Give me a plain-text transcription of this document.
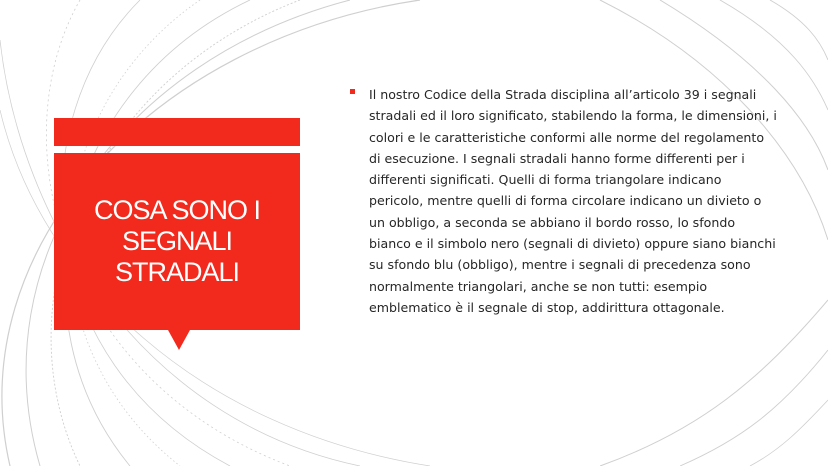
COSA SONO I SEGNALI STRADALI
Il nostro Codice della Strada disciplina all’articolo 39 i segnali stradali ed il loro significato, stabilendo la forma, le dimensioni, i colori e le caratteristiche conformi alle norme del regolamento di esecuzione. I segnali stradali hanno forme differenti per i differenti significati. Quelli di forma triangolare indicano pericolo, mentre quelli di forma circolare indicano un divieto o un obbligo, a seconda se abbiano il bordo rosso, lo sfondo bianco e il simbolo nero (segnali di divieto) oppure siano bianchi su sfondo blu (obbligo), mentre i segnali di precedenza sono normalmente triangolari, anche se non tutti: esempio emblematico è il segnale di stop, addirittura ottagonale.
